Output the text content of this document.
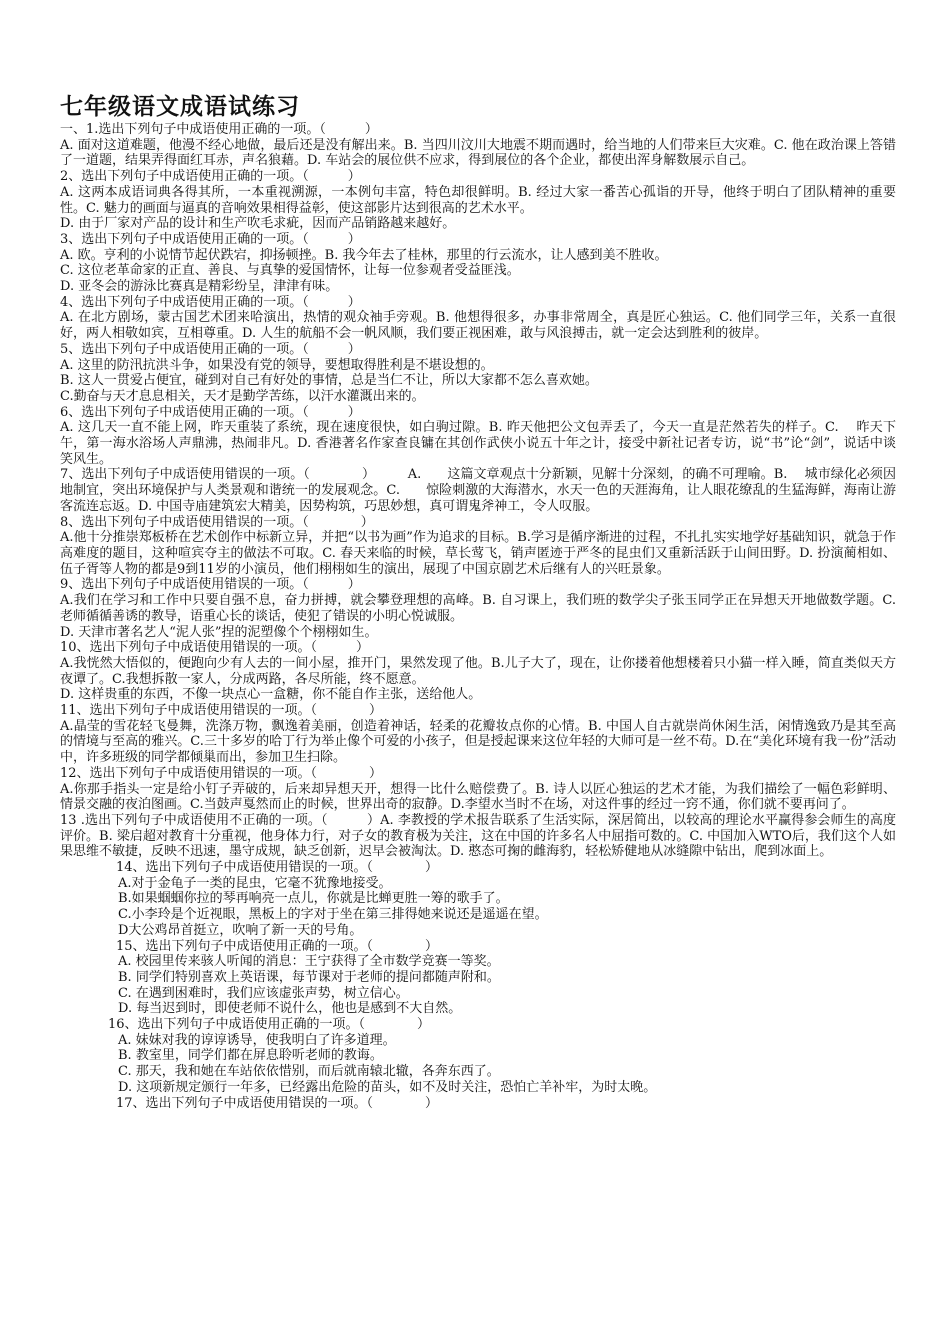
七年级语文成语试练习

一、1.选出下列句子中成语使用正确的一项。（　　　）

A. 面对这道难题，他漫不经心地做，最后还是没有解出来。B. 当四川汶川大地震不期而遇时，给当地的人们带来巨大灾难。C. 他在政治课上答错了一道题，结果弄得面红耳赤，声名狼藉。D. 车站会的展位供不应求，得到展位的各个企业，都使出浑身解数展示自己。

2、选出下列句子中成语使用正确的一项。（　　　）

A. 这两本成语词典各得其所，一本重视溯源，一本例句丰富，特色却很鲜明。B. 经过大家一番苦心孤诣的开导，他终于明白了团队精神的重要性。C. 魅力的画面与逼真的音响效果相得益彰，使这部影片达到很高的艺术水平。

D. 由于厂家对产品的设计和生产吹毛求疵，因而产品销路越来越好。

3、选出下列句子中成语使用正确的一项。（　　　）

A. 欧。亨利的小说情节起伏跌宕，抑扬顿挫。B. 我今年去了桂林，那里的行云流水，让人感到美不胜收。

C. 这位老革命家的正直、善良、与真挚的爱国情怀，让每一位参观者受益匪浅。

D. 亚冬会的游泳比赛真是精彩纷呈，津津有味。

4、选出下列句子中成语使用正确的一项。（　　　）

A. 在北方剧场，蒙古国艺术团来哈演出，热情的观众袖手旁观。B. 他想得很多，办事非常周全，真是匠心独运。C. 他们同学三年，关系一直很好，两人相敬如宾，互相尊重。D. 人生的航船不会一帆风顺，我们要正视困难，敢与风浪搏击，就一定会达到胜利的彼岸。

5、选出下列句子中成语使用正确的一项。（　　　）

A. 这里的防汛抗洪斗争，如果没有党的领导，要想取得胜利是不堪设想的。

B. 这人一贯爱占便宜，碰到对自己有好处的事情，总是当仁不让，所以大家都不怎么喜欢她。

C.勤奋与天才息息相关，天才是勤学苦练，以汗水灌溉出来的。

6、选出下列句子中成语使用正确的一项。（　　　）

A. 这几天一直不能上网，昨天重装了系统，现在速度很快，如白驹过隙。B. 昨天他把公文包弄丢了，今天一直是茫然若失的样子。C.　 昨天下午，第一海水浴场人声鼎沸，热闹非凡。D. 香港著名作家查良镛在其创作武侠小说五十年之计，接受中新社记者专访，说“书”论“剑”，说话中谈笑风生。

7、选出下列句子中成语使用错误的一项。（　　　　）　　　A.　　这篇文章观点十分新颖，见解十分深刻，的确不可理喻。B.　 城市绿化必须因地制宜，突出环境保护与人类景观和谐统一的发展观念。C.　　惊险刺激的大海潜水，水天一色的天涯海角，让人眼花缭乱的生猛海鲜，海南让游客流连忘返。D. 中国寺庙建筑宏大精美，因势构筑，巧思妙想，真可谓鬼斧神工，令人叹服。

8、选出下列句子中成语使用错误的一项。（　　　　）

A.他十分推崇郑板桥在艺术创作中标新立异，并把“以书为画”作为追求的目标。B.学习是循序渐进的过程，不扎扎实实地学好基础知识，就急于作高难度的题目，这种喧宾夺主的做法不可取。C. 春天来临的时候，草长莺飞，销声匿迹于严冬的昆虫们又重新活跃于山间田野。D. 扮演蔺相如、伍子胥等人物的都是9到11岁的小演员，他们栩栩如生的演出，展现了中国京剧艺术后继有人的兴旺景象。

9、选出下列句子中成语使用错误的一项。（　　　）

A.我们在学习和工作中只要自强不息，奋力拼搏，就会攀登理想的高峰。B. 自习课上，我们班的数学尖子张玉同学正在异想天开地做数学题。C.老师循循善诱的教导，语重心长的谈话，使犯了错误的小明心悦诚服。

D. 天津市著名艺人“泥人张”捏的泥塑像个个栩栩如生。

10、选出下列句子中成语使用错误的一项。（　　　）

A.我恍然大悟似的，便跑向少有人去的一间小屋，推开门，果然发现了他。B.儿子大了，现在，让你搂着他想楼着只小猫一样入睡，简直类似天方夜谭了。C.我想拆散一家人，分成两路，各尽所能，终不愿意。

D. 这样贵重的东西，不像一块点心一盒糖，你不能自作主张，送给他人。

11、选出下列句子中成语使用错误的一项。（　　　　）

A.晶莹的雪花轻飞曼舞，洗涤万物，飘逸着美丽，创造着神话，轻柔的花瓣妆点你的心情。B. 中国人自古就崇尚休闲生活，闲情逸致乃是其至高的情境与至高的雅兴。C.三十多岁的哈丁行为举止像个可爱的小孩子，但是授起课来这位年轻的大师可是一丝不苟。D.在“美化环境有我一份”活动中，许多班级的同学都倾巢而出，参加卫生扫除。

12、选出下列句子中成语使用错误的一项。（　　　　）

A.你那手指头一定是给小钉子弄破的，后来却异想天开，想得一比什么赔偿费了。B. 诗人以匠心独运的艺术才能，为我们描绘了一幅色彩鲜明、情景交融的夜泊图画。C.当鼓声戛然而止的时候，世界出奇的寂静。D.李望水当时不在场，对这件事的经过一窍不通，你们就不要再问了。

13 .选出下列句子中成语使用不正确的一项。（　　　）A. 李教授的学术报告联系了生活实际，深居简出，以较高的理论水平赢得参会师生的高度评价。B. 梁启超对教育十分重视，他身体力行，对子女的教育极为关注，这在中国的许多名人中屈指可数的。C. 中国加入WTO后，我们这个人如果思维不敏捷，反映不迅速，墨守成规，缺乏创新，迟早会被淘汰。D. 憨态可掬的雌海豹，轻松矫健地从冰缝隙中钻出，爬到冰面上。

14、选出下列句子中成语使用错误的一项。（　　　　）

A.对于金龟子一类的昆虫，它毫不犹豫地接受。

B.如果蝈蝈你拉的琴再响亮一点儿，你就是比蝉更胜一筹的歌手了。

C.小李玲是个近视眼，黑板上的字对于坐在第三排得她来说还是遥遥在望。

D大公鸡昂首挺立，吹响了新一天的号角。

15、选出下列句子中成语使用正确的一项。（　　　　）

A. 校园里传来骇人听闻的消息：王宁获得了全市数学竞赛一等奖。

B. 同学们特别喜欢上英语课，每节课对于老师的提问都随声附和。

C. 在遇到困难时，我们应该虚张声势，树立信心。

D. 每当迟到时，即使老师不说什么，他也是感到不大自然。

16、选出下列句子中成语使用正确的一项。（　　　　）

A. 妹妹对我的谆谆诱导，使我明白了许多道理。

B. 教室里，同学们都在屏息聆听老师的教诲。

C. 那天，我和她在车站依依惜别，而后就南辕北辙，各奔东西了。

D. 这项新规定颁行一年多，已经露出危险的苗头，如不及时关注，恐怕亡羊补牢，为时太晚。

17、选出下列句子中成语使用错误的一项。（　　　　）
